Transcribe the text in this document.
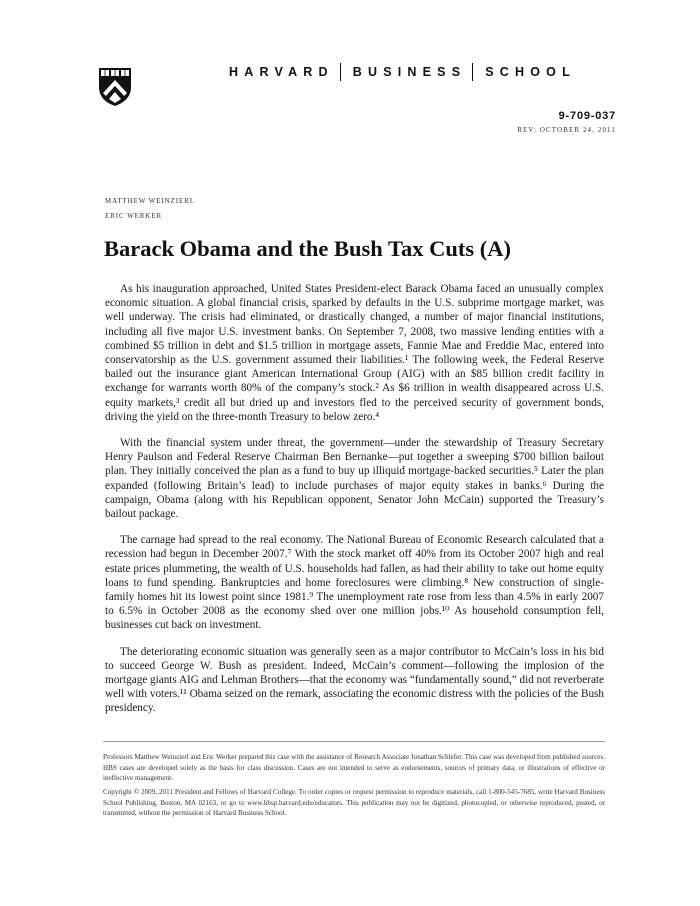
HARVARD BUSINESS SCHOOL
9-709-037
REV: OCTOBER 24, 2011
MATTHEW WEINZIERL
ERIC WERKER
Barack Obama and the Bush Tax Cuts (A)

As his inauguration approached, United States President-elect Barack Obama faced an unusually complex economic situation. A global financial crisis, sparked by defaults in the U.S. subprime mortgage market, was well underway. The crisis had eliminated, or drastically changed, a number of major financial institutions, including all five major U.S. investment banks. On September 7, 2008, two massive lending entities with a combined $5 trillion in debt and $1.5 trillion in mortgage assets, Fannie Mae and Freddie Mac, entered into conservatorship as the U.S. government assumed their liabilities.¹ The following week, the Federal Reserve bailed out the insurance giant American International Group (AIG) with an $85 billion credit facility in exchange for warrants worth 80% of the company’s stock.² As $6 trillion in wealth disappeared across U.S. equity markets,³ credit all but dried up and investors fled to the perceived security of government bonds, driving the yield on the three-month Treasury to below zero.⁴

With the financial system under threat, the government—under the stewardship of Treasury Secretary Henry Paulson and Federal Reserve Chairman Ben Bernanke—put together a sweeping $700 billion bailout plan. They initially conceived the plan as a fund to buy up illiquid mortgage-backed securities.⁵ Later the plan expanded (following Britain’s lead) to include purchases of major equity stakes in banks.⁶ During the campaign, Obama (along with his Republican opponent, Senator John McCain) supported the Treasury’s bailout package.

The carnage had spread to the real economy. The National Bureau of Economic Research calculated that a recession had begun in December 2007.⁷ With the stock market off 40% from its October 2007 high and real estate prices plummeting, the wealth of U.S. households had fallen, as had their ability to take out home equity loans to fund spending. Bankruptcies and home foreclosures were climbing.⁸ New construction of single-family homes hit its lowest point since 1981.⁹ The unemployment rate rose from less than 4.5% in early 2007 to 6.5% in October 2008 as the economy shed over one million jobs.¹⁰ As household consumption fell, businesses cut back on investment.

The deteriorating economic situation was generally seen as a major contributor to McCain’s loss in his bid to succeed George W. Bush as president. Indeed, McCain’s comment—following the implosion of the mortgage giants AIG and Lehman Brothers—that the economy was “fundamentally sound,” did not reverberate well with voters.¹¹ Obama seized on the remark, associating the economic distress with the policies of the Bush presidency.

Professors Matthew Weinzierl and Eric Werker prepared this case with the assistance of Research Associate Jonathan Schlefer. This case was developed from published sources. HBS cases are developed solely as the basis for class discussion. Cases are not intended to serve as endorsements, sources of primary data, or illustrations of effective or ineffective management.
Copyright © 2009, 2011 President and Fellows of Harvard College. To order copies or request permission to reproduce materials, call 1-800-545-7685, write Harvard Business School Publishing, Boston, MA 02163, or go to www.hbsp.harvard.edu/educators. This publication may not be digitized, photocopied, or otherwise reproduced, posted, or transmitted, without the permission of Harvard Business School.
